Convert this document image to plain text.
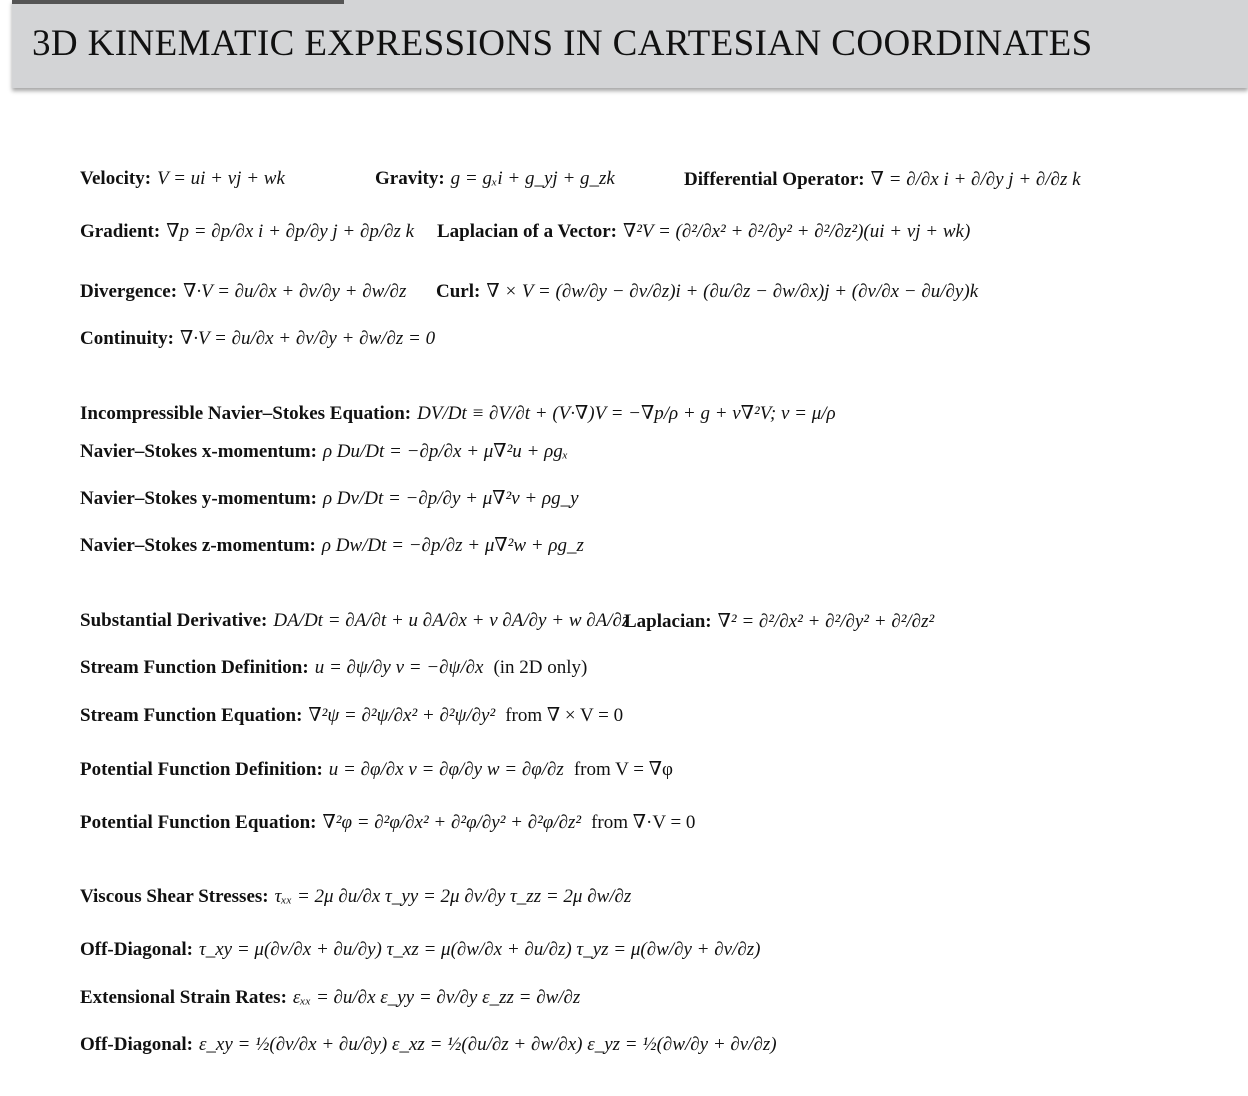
3D KINEMATIC EXPRESSIONS IN CARTESIAN COORDINATES
Velocity: V = ui + vj + wk	Gravity: g = gₓi + g_yj + g_zk	Differential Operator: ∇ = ∂/∂x i + ∂/∂y j + ∂/∂z k
Gradient: ∇p = ∂p/∂x i + ∂p/∂y j + ∂p/∂z k Laplacian of a Vector: ∇²V = (∂²/∂x² + ∂²/∂y² + ∂²/∂z²)(ui + vj + wk)
Divergence: ∇·V = ∂u/∂x + ∂v/∂y + ∂w/∂z Curl: ∇ × V = (∂w/∂y − ∂v/∂z)i + (∂u/∂z − ∂w/∂x)j + (∂v/∂x − ∂u/∂y)k
Continuity: ∇·V = ∂u/∂x + ∂v/∂y + ∂w/∂z = 0
Incompressible Navier–Stokes Equation: DV/Dt ≡ ∂V/∂t + (V·∇)V = −∇p/ρ + g + ν∇²V; ν = μ/ρ
Navier–Stokes x-momentum: ρ Du/Dt = −∂p/∂x + μ∇²u + ρgₓ
Navier–Stokes y-momentum: ρ Dv/Dt = −∂p/∂y + μ∇²v + ρg_y
Navier–Stokes z-momentum: ρ Dw/Dt = −∂p/∂z + μ∇²w + ρg_z
Substantial Derivative: DA/Dt = ∂A/∂t + u ∂A/∂x + v ∂A/∂y + w ∂A/∂z
Laplacian: ∇² = ∂²/∂x² + ∂²/∂y² + ∂²/∂z²
Stream Function Definition: u = ∂ψ/∂y v = −∂ψ/∂x (in 2D only)
Stream Function Equation: ∇²ψ = ∂²ψ/∂x² + ∂²ψ/∂y² from ∇ × V = 0
Potential Function Definition: u = ∂φ/∂x v = ∂φ/∂y w = ∂φ/∂z from V = ∇φ
Potential Function Equation: ∇²φ = ∂²φ/∂x² + ∂²φ/∂y² + ∂²φ/∂z² from ∇·V = 0
Viscous Shear Stresses: τₓₓ = 2μ ∂u/∂x τ_yy = 2μ ∂v/∂y τ_zz = 2μ ∂w/∂z
Off-Diagonal: τ_xy = μ(∂v/∂x + ∂u/∂y) τ_xz = μ(∂w/∂x + ∂u/∂z) τ_yz = μ(∂w/∂y + ∂v/∂z)
Extensional Strain Rates: εₓₓ = ∂u/∂x ε_yy = ∂v/∂y ε_zz = ∂w/∂z
Off-Diagonal: ε_xy = ½(∂v/∂x + ∂u/∂y) ε_xz = ½(∂u/∂z + ∂w/∂x) ε_yz = ½(∂w/∂y + ∂v/∂z)
